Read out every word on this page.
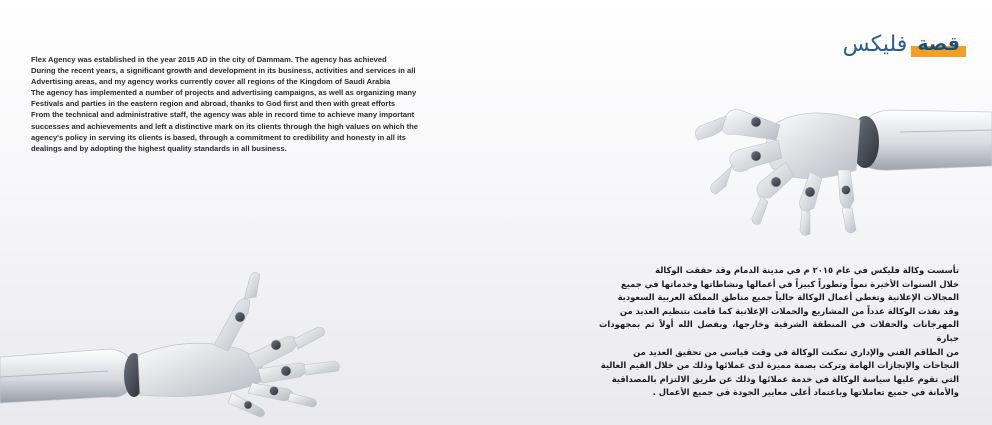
قصة
فليكس
Flex Agency was established in the year 2015 AD in the city of Dammam. The agency has achieved
During the recent years, a significant growth and development in its business, activities and services in all
Advertising areas, and my agency works currently cover all regions of the Kingdom of Saudi Arabia
The agency has implemented a number of projects and advertising campaigns, as well as organizing many
Festivals and parties in the eastern region and abroad, thanks to God first and then with great efforts
From the technical and administrative staff, the agency was able in record time to achieve many important
successes and achievements and left a distinctive mark on its clients through the high values on which the
agency's policy in serving its clients is based, through a commitment to credibility and honesty in all its
dealings and by adopting the highest quality standards in all business.
تأسست وكالة فليكس في عام ٢٠١٥ م في مدينة الدمام وقد حققت الوكالة
خلال السنوات الأخيرة نمواً وتطوراً كبيراً في أعمالها ونشاطاتها وخدماتها في جميع
المجالات الإعلانية وتغطي أعمال الوكالة حالياً جميع مناطق المملكة العربية السعودية
وقد نفذت الوكالة عدداً من المشاريع والحملات الإعلانية كما قامت بتنظيم العديد من
المهرجانات والحفلات في المنطقة الشرقية وخارجها، وبفضل الله أولاً ثم بمجهودات جبارة
من الطاقم الفني والإداري تمكنت الوكالة في وقت قياسي من تحقيق العديد من
النجاحات والإنجازات الهامة وتركت بصمة مميزة لدى عملائها وذلك من خلال القيم العالية
التي تقوم عليها سياسة الوكالة في خدمة عملائها وذلك عن طريق الالتزام بالمصداقية
والأمانة في جميع تعاملاتها وباعتماد أعلى معايير الجودة في جميع الأعمال .
